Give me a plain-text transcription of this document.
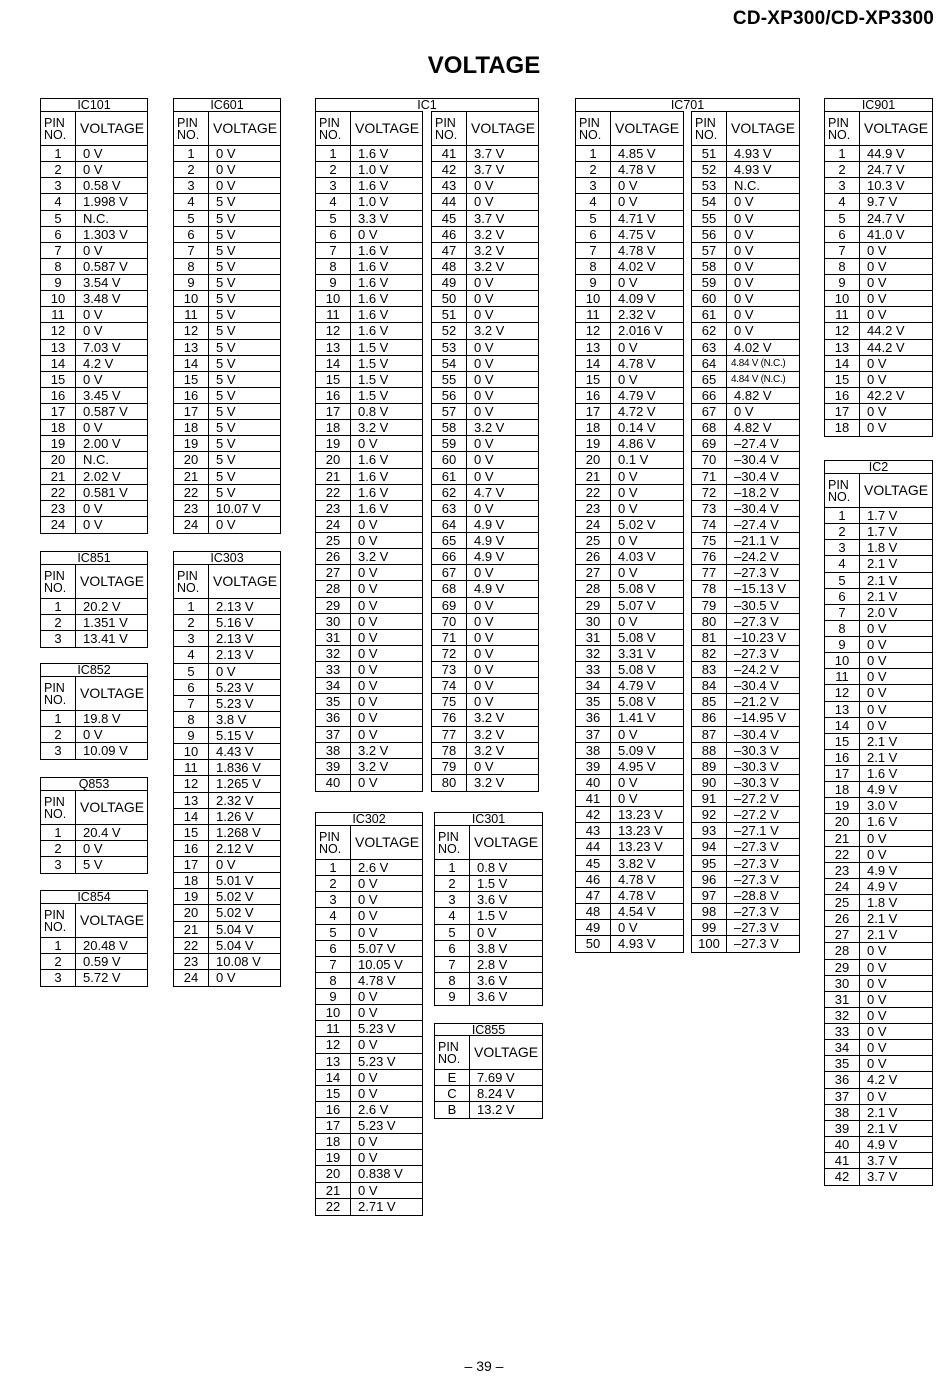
CD-XP300/CD-XP3300
VOLTAGE
IC101
PIN
NO. VOLTAGE
1	0 V
2	0 V
3	0.58 V
4	1.998 V
5	N.C.
6	1.303 V
7	0 V
8	0.587 V
9	3.54 V
10	3.48 V
11	0 V
12	0 V
13	7.03 V
14	4.2 V
15	0 V
16	3.45 V
17	0.587 V
18	0 V
19	2.00 V
20	N.C.
21	2.02 V
22	0.581 V
23	0 V
24	0 V
IC601
PIN
NO. VOLTAGE
1	0 V
2	0 V
3	0 V
4	5 V
5	5 V
6	5 V
7	5 V
8	5 V
9	5 V
10	5 V
11	5 V
12	5 V
13	5 V
14	5 V
15	5 V
16	5 V
17	5 V
18	5 V
19	5 V
20	5 V
21	5 V
22	5 V
23	10.07 V
24	0 V
IC851
PIN
NO. VOLTAGE
1	20.2 V
2	1.351 V
3	13.41 V
IC852
PIN
NO. VOLTAGE
1	19.8 V
2	0 V
3	10.09 V
Q853
PIN
NO. VOLTAGE
1	20.4 V
2	0 V
3	5 V
IC854
PIN
NO. VOLTAGE
1	20.48 V
2	0.59 V
3	5.72 V
IC303
PIN
NO. VOLTAGE
1	2.13 V
2	5.16 V
3	2.13 V
4	2.13 V
5	0 V
6	5.23 V
7	5.23 V
8	3.8 V
9	5.15 V
10	4.43 V
11	1.836 V
12	1.265 V
13	2.32 V
14	1.26 V
15	1.268 V
16	2.12 V
17	0 V
18	5.01 V
19	5.02 V
20	5.02 V
21	5.04 V
22	5.04 V
23	10.08 V
24	0 V
IC1
PIN
NO. VOLTAGE
1	1.6 V
2	1.0 V
3	1.6 V
4	1.0 V
5	3.3 V
6	0 V
7	1.6 V
8	1.6 V
9	1.6 V
10	1.6 V
11	1.6 V
12	1.6 V
13	1.5 V
14	1.5 V
15	1.5 V
16	1.5 V
17	0.8 V
18	3.2 V
19	0 V
20	1.6 V
21	1.6 V
22	1.6 V
23	1.6 V
24	0 V
25	0 V
26	3.2 V
27	0 V
28	0 V
29	0 V
30	0 V
31	0 V
32	0 V
33	0 V
34	0 V
35	0 V
36	0 V
37	0 V
38	3.2 V
39	3.2 V
40	0 V
PIN
NO. VOLTAGE
41	3.7 V
42	3.7 V
43	0 V
44	0 V
45	3.7 V
46	3.2 V
47	3.2 V
48	3.2 V
49	0 V
50	0 V
51	0 V
52	3.2 V
53	0 V
54	0 V
55	0 V
56	0 V
57	0 V
58	3.2 V
59	0 V
60	0 V
61	0 V
62	4.7 V
63	0 V
64	4.9 V
65	4.9 V
66	4.9 V
67	0 V
68	4.9 V
69	0 V
70	0 V
71	0 V
72	0 V
73	0 V
74	0 V
75	0 V
76	3.2 V
77	3.2 V
78	3.2 V
79	0 V
80	3.2 V
IC302
PIN
NO. VOLTAGE
1	2.6 V
2	0 V
3	0 V
4	0 V
5	0 V
6	5.07 V
7	10.05 V
8	4.78 V
9	0 V
10	0 V
11	5.23 V
12	0 V
13	5.23 V
14	0 V
15	0 V
16	2.6 V
17	5.23 V
18	0 V
19	0 V
20	0.838 V
21	0 V
22	2.71 V
IC301
PIN
NO. VOLTAGE
1	0.8 V
2	1.5 V
3	3.6 V
4	1.5 V
5	0 V
6	3.8 V
7	2.8 V
8	3.6 V
9	3.6 V
IC855
PIN
NO. VOLTAGE
E	7.69 V
C	8.24 V
B	13.2 V
IC701
PIN
NO. VOLTAGE
1	4.85 V
2	4.78 V
3	0 V
4	0 V
5	4.71 V
6	4.75 V
7	4.78 V
8	4.02 V
9	0 V
10	4.09 V
11	2.32 V
12	2.016 V
13	0 V
14	4.78 V
15	0 V
16	4.79 V
17	4.72 V
18	0.14 V
19	4.86 V
20	0.1 V
21	0 V
22	0 V
23	0 V
24	5.02 V
25	0 V
26	4.03 V
27	0 V
28	5.08 V
29	5.07 V
30	0 V
31	5.08 V
32	3.31 V
33	5.08 V
34	4.79 V
35	5.08 V
36	1.41 V
37	0 V
38	5.09 V
39	4.95 V
40	0 V
41	0 V
42	13.23 V
43	13.23 V
44	13.23 V
45	3.82 V
46	4.78 V
47	4.78 V
48	4.54 V
49	0 V
50	4.93 V
PIN
NO. VOLTAGE
51	4.93 V
52	4.93 V
53	N.C.
54	0 V
55	0 V
56	0 V
57	0 V
58	0 V
59	0 V
60	0 V
61	0 V
62	0 V
63	4.02 V
64	4.84 V (N.C.)
65	4.84 V (N.C.)
66	4.82 V
67	0 V
68	4.82 V
69	–27.4 V
70	–30.4 V
71	–30.4 V
72	–18.2 V
73	–30.4 V
74	–27.4 V
75	–21.1 V
76	–24.2 V
77	–27.3 V
78	–15.13 V
79	–30.5 V
80	–27.3 V
81	–10.23 V
82	–27.3 V
83	–24.2 V
84	–30.4 V
85	–21.2 V
86	–14.95 V
87	–30.4 V
88	–30.3 V
89	–30.3 V
90	–30.3 V
91	–27.2 V
92	–27.2 V
93	–27.1 V
94	–27.3 V
95	–27.3 V
96	–27.3 V
97	–28.8 V
98	–27.3 V
99	–27.3 V
100	–27.3 V
IC901
PIN
NO. VOLTAGE
1	44.9 V
2	24.7 V
3	10.3 V
4	9.7 V
5	24.7 V
6	41.0 V
7	0 V
8	0 V
9	0 V
10	0 V
11	0 V
12	44.2 V
13	44.2 V
14	0 V
15	0 V
16	42.2 V
17	0 V
18	0 V
IC2
PIN
NO. VOLTAGE
1	1.7 V
2	1.7 V
3	1.8 V
4	2.1 V
5	2.1 V
6	2.1 V
7	2.0 V
8	0 V
9	0 V
10	0 V
11	0 V
12	0 V
13	0 V
14	0 V
15	2.1 V
16	2.1 V
17	1.6 V
18	4.9 V
19	3.0 V
20	1.6 V
21	0 V
22	0 V
23	4.9 V
24	4.9 V
25	1.8 V
26	2.1 V
27	2.1 V
28	0 V
29	0 V
30	0 V
31	0 V
32	0 V
33	0 V
34	0 V
35	0 V
36	4.2 V
37	0 V
38	2.1 V
39	2.1 V
40	4.9 V
41	3.7 V
42	3.7 V
– 39 –
